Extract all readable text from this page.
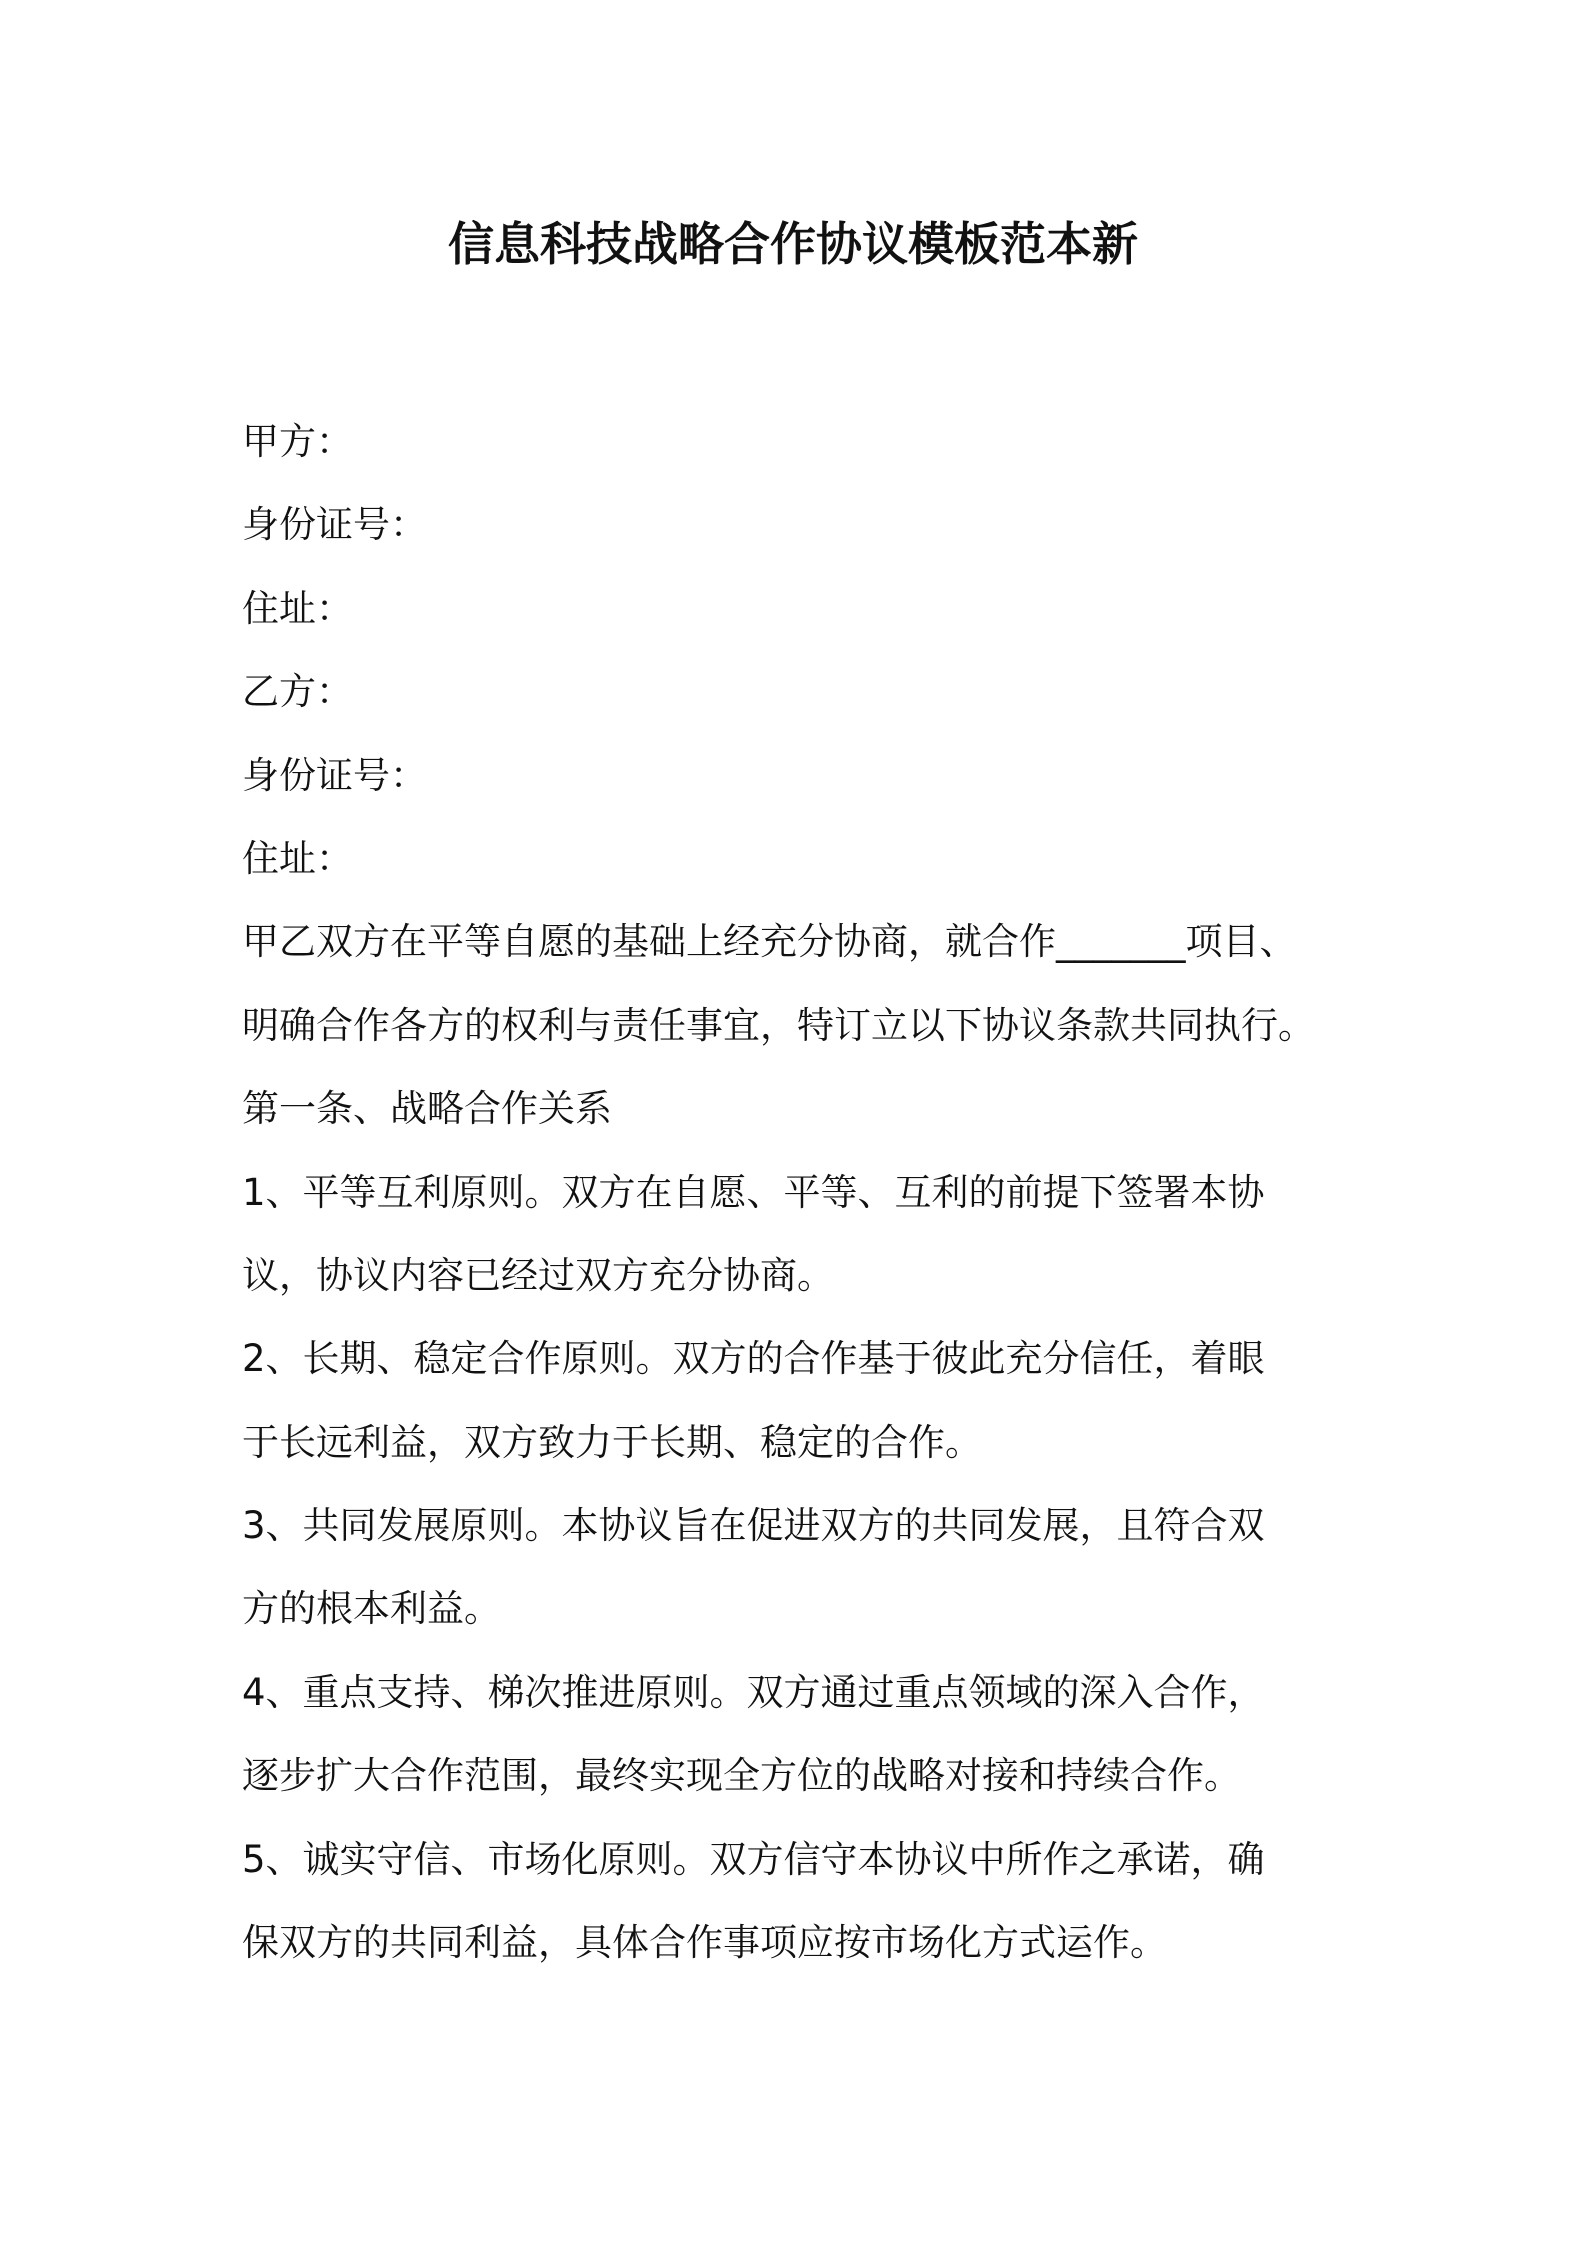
信息科技战略合作协议模板范本新
甲方：
身份证号：
住址：
乙方：
身份证号：
住址：
甲乙双方在平等自愿的基础上经充分协商，就合作_______项目、
明确合作各方的权利与责任事宜，特订立以下协议条款共同执行。
第一条、战略合作关系
1、平等互利原则。双方在自愿、平等、互利的前提下签署本协
议，协议内容已经过双方充分协商。
2、长期、稳定合作原则。双方的合作基于彼此充分信任，着眼
于长远利益，双方致力于长期、稳定的合作。
3、共同发展原则。本协议旨在促进双方的共同发展，且符合双
方的根本利益。
4、重点支持、梯次推进原则。双方通过重点领域的深入合作，
逐步扩大合作范围，最终实现全方位的战略对接和持续合作。
5、诚实守信、市场化原则。双方信守本协议中所作之承诺，确
保双方的共同利益，具体合作事项应按市场化方式运作。
